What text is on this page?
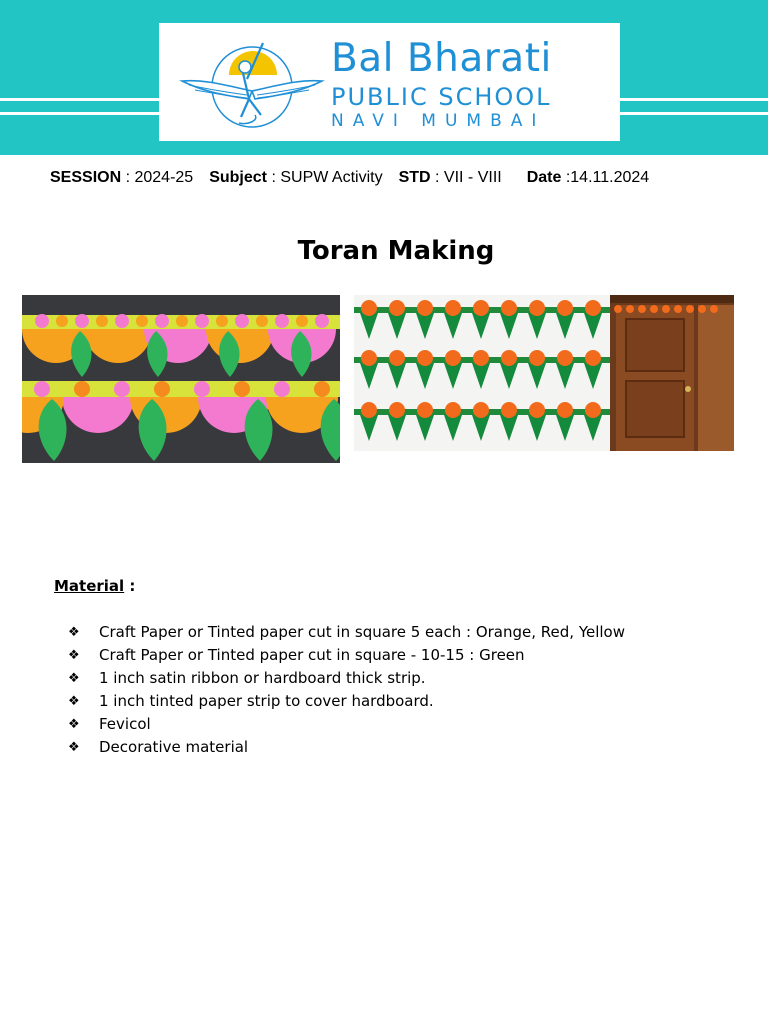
Bal Bharati
PUBLIC SCHOOL
NAVI MUMBAI
SESSION : 2024-25 Subject : SUPW Activity STD : VII - VIII Date :14.11.2024
Toran Making
Material :
❖	Craft Paper or Tinted paper cut in square 5 each : Orange, Red, Yellow
❖	Craft Paper or Tinted paper cut in square - 10-15 : Green
❖	1 inch satin ribbon or hardboard thick strip.
❖	1 inch tinted paper strip to cover hardboard.
❖	Fevicol
❖	Decorative material
